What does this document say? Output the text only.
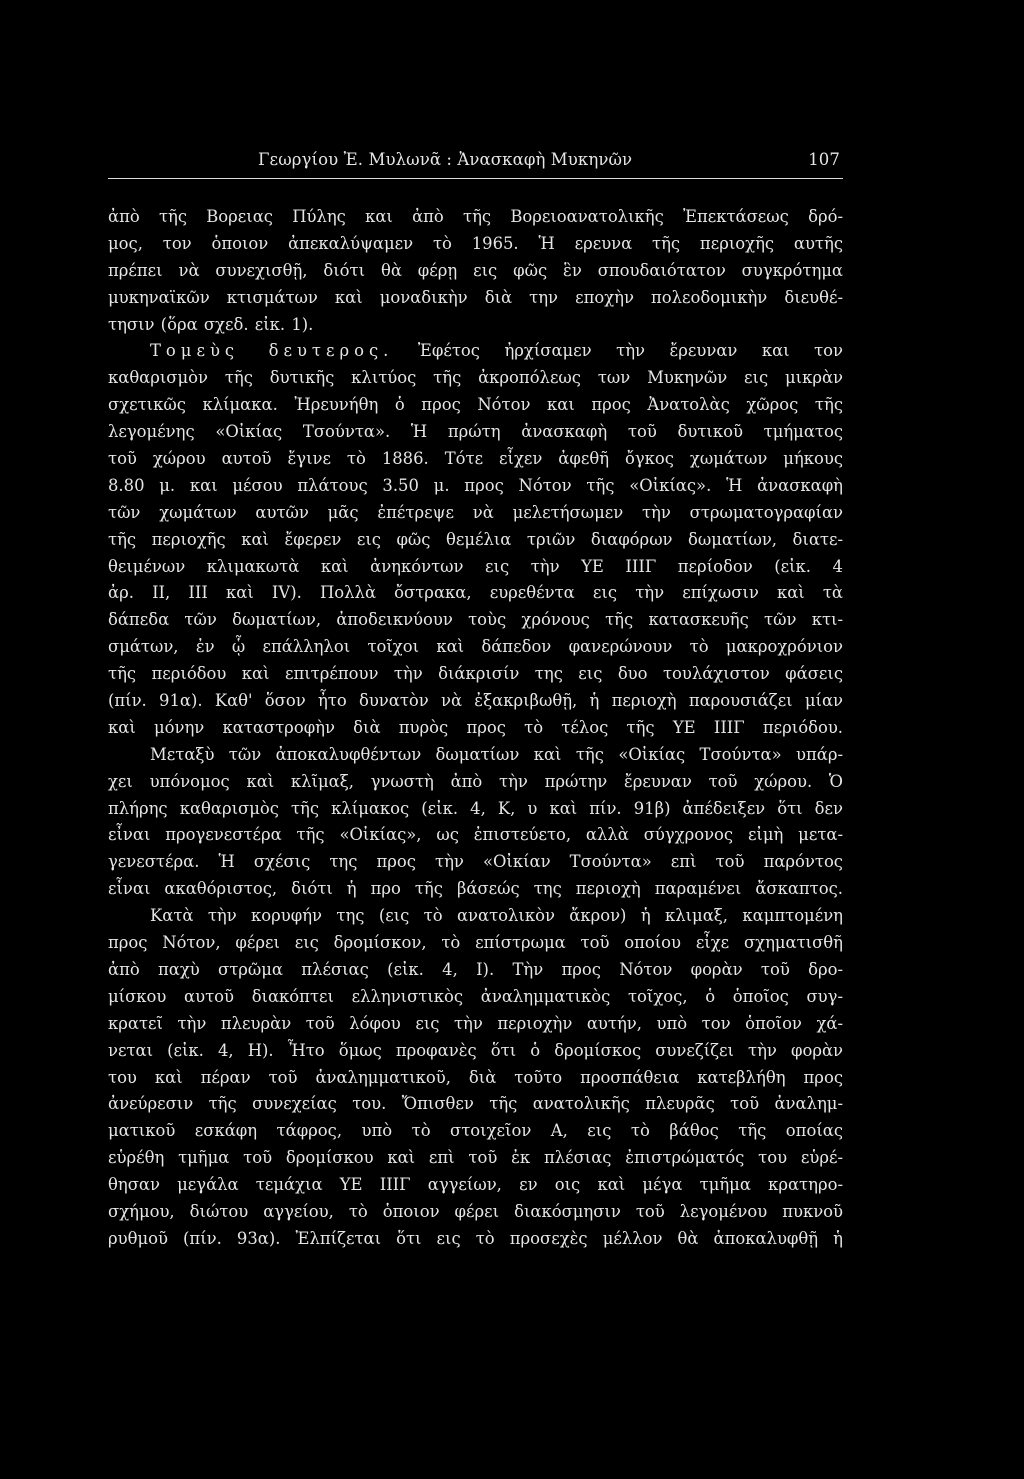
Γεωργίου Ἐ. Μυλωνᾶ : Ἀνασκαφὴ Μυκηνῶν	107
ἀπὸ τῆς Βορειας Πύλης και ἀπὸ τῆς Βορειοανατολικῆς Ἐπεκτάσεως δρό-
μος, τον ὁποιον ἀπεκαλύψαμεν τὸ 1965. Ἡ ερευνα τῆς περιοχῆς αυτῆς
πρέπει νὰ συνεχισθῇ, διότι θὰ φέρῃ εις φῶς ἓν σπουδαιότατον συγκρότημα
μυκηναϊκῶν κτισμάτων καὶ μοναδικὴν διὰ την εποχὴν πολεοδομικὴν διευθέ-
τησιν (ὅρα σχεδ. εἰκ. 1).
Τομεὺς δευτερος. Ἐφέτος ἠρχίσαμεν τὴν ἔρευναν και τον
καθαρισμὸν τῆς δυτικῆς κλιτύος τῆς ἀκροπόλεως των Μυκηνῶν εις μικρὰν
σχετικῶς κλίμακα. Ἠρευνήθη ὁ προς Νότον και προς Ἀνατολὰς χῶρος τῆς
λεγομένης «Οἰκίας Τσούντα». Ἡ πρώτη ἀνασκαφὴ τοῦ δυτικοῦ τμήματος
τοῦ χώρου αυτοῦ ἔγινε τὸ 1886. Τότε εἶχεν ἀφεθῆ ὄγκος χωμάτων μήκους
8.80 μ. και μέσου πλάτους 3.50 μ. προς Νότον τῆς «Οἰκίας». Ἡ ἀνασκαφὴ
τῶν χωμάτων αυτῶν μᾶς ἐπέτρεψε νὰ μελετήσωμεν τὴν στρωματογραφίαν
τῆς περιοχῆς καὶ ἔφερεν εις φῶς θεμέλια τριῶν διαφόρων δωματίων, διατε-
θειμένων κλιμακωτὰ καὶ ἀνηκόντων εις τὴν ΥΕ ΙΙΙΓ περίοδον (εἰκ. 4
ἀρ. ΙΙ, ΙΙΙ καὶ ΙV). Πολλὰ ὄστρακα, ευρεθέντα εις τὴν επίχωσιν καὶ τὰ
δάπεδα τῶν δωματίων, ἀποδεικνύουν τοὺς χρόνους τῆς κατασκευῆς τῶν κτι-
σμάτων, ἐν ᾧ επάλληλοι τοῖχοι καὶ δάπεδον φανερώνουν τὸ μακροχρόνιον
τῆς περιόδου καὶ επιτρέπουν τὴν διάκρισίν της εις δυο τουλάχιστον φάσεις
(πίν. 91α). Καθ' ὅσον ἦτο δυνατὸν νὰ ἐξακριβωθῇ, ἡ περιοχὴ παρουσιάζει μίαν
καὶ μόνην καταστροφὴν διὰ πυρὸς προς τὸ τέλος τῆς ΥΕ ΙΙΙΓ περιόδου.
Μεταξὺ τῶν ἀποκαλυφθέντων δωματίων καὶ τῆς «Οἰκίας Τσούντα» υπάρ-
χει υπόνομος καὶ κλῖμαξ, γνωστὴ ἀπὸ τὴν πρώτην ἔρευναν τοῦ χώρου. Ὁ
πλήρης καθαρισμὸς τῆς κλίμακος (εἰκ. 4, Κ, υ καὶ πίν. 91β) ἀπέδειξεν ὅτι δεν
εἶναι προγενεστέρα τῆς «Οἰκίας», ως ἐπιστεύετο, αλλὰ σύγχρονος εἰμὴ μετα-
γενεστέρα. Ἡ σχέσις της προς τὴν «Οἰκίαν Τσούντα» επὶ τοῦ παρόντος
εἶναι ακαθόριστος, διότι ἡ προ τῆς βάσεώς της περιοχὴ παραμένει ἄσκαπτος.
Κατὰ τὴν κορυφήν της (εις τὸ ανατολικὸν ἄκρον) ἡ κλιμαξ, καμπτομένη
προς Νότον, φέρει εις δρομίσκον, τὸ επίστρωμα τοῦ οποίου εἶχε σχηματισθῆ
ἀπὸ παχὺ στρῶμα πλέσιας (εἰκ. 4, Ι). Τὴν προς Νότον φορὰν τοῦ δρο-
μίσκου αυτοῦ διακόπτει ελληνιστικὸς ἀναλημματικὸς τοῖχος, ὁ ὁποῖος συγ-
κρατεῖ τὴν πλευρὰν τοῦ λόφου εις τὴν περιοχὴν αυτήν, υπὸ τον ὁποῖον χά-
νεται (εἰκ. 4, Η). Ἦτο ὅμως προφανὲς ὅτι ὁ δρομίσκος συνεζίζει τὴν φορὰν
του καὶ πέραν τοῦ ἀναλημματικοῦ, διὰ τοῦτο προσπάθεια κατεβλήθη προς
ἀνεύρεσιν τῆς συνεχείας του. Ὄπισθεν τῆς ανατολικῆς πλευρᾶς τοῦ ἀναλημ-
ματικοῦ εσκάφη τάφρος, υπὸ τὸ στοιχεῖον Α, εις τὸ βάθος τῆς οποίας
εὑρέθη τμῆμα τοῦ δρομίσκου καὶ επὶ τοῦ ἐκ πλέσιας ἐπιστρώματός του εὑρέ-
θησαν μεγάλα τεμάχια ΥΕ ΙΙΙΓ αγγείων, εν οις καὶ μέγα τμῆμα κρατηρο-
σχήμου, διώτου αγγείου, τὸ ὁποιον φέρει διακόσμησιν τοῦ λεγομένου πυκνοῦ
ρυθμοῦ (πίν. 93α). Ἐλπίζεται ὅτι εις τὸ προσεχὲς μέλλον θὰ ἀποκαλυφθῇ ἡ
